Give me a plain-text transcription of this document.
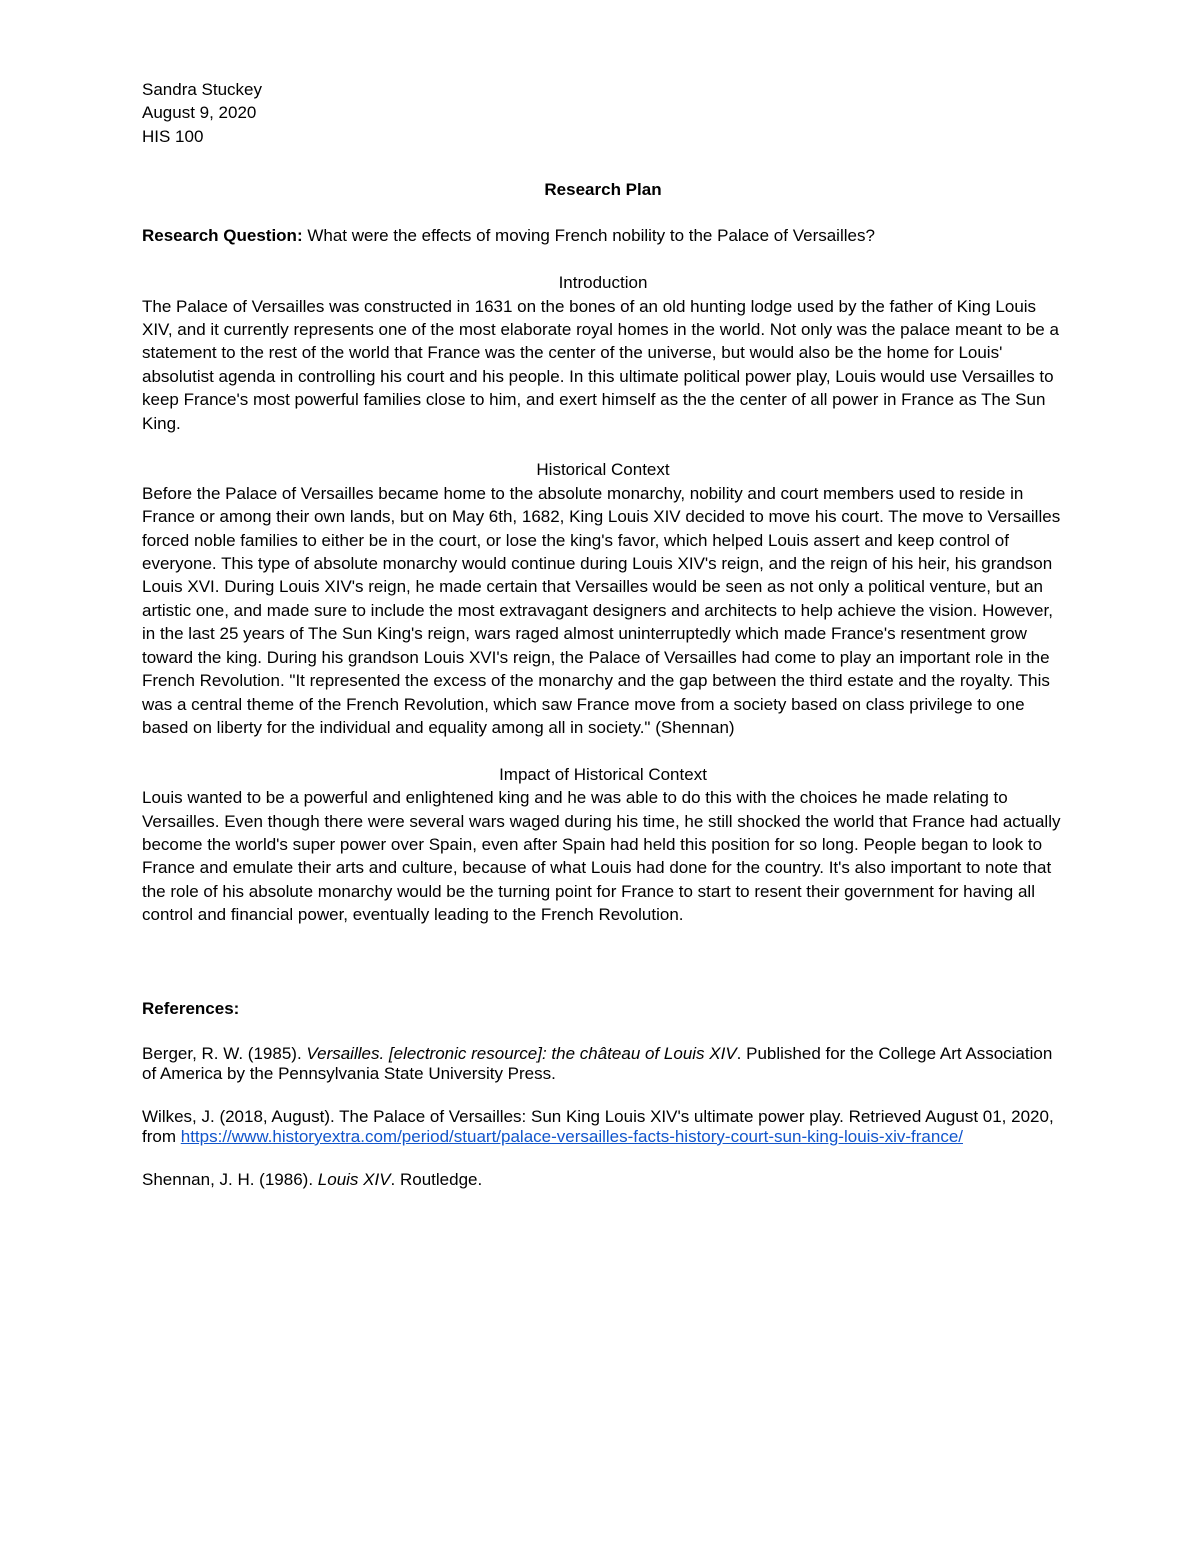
Sandra Stuckey
August 9, 2020
HIS 100
Research Plan
Research Question: What were the effects of moving French nobility to the Palace of Versailles?
Introduction

The Palace of Versailles was constructed in 1631 on the bones of an old hunting lodge used by the father of King Louis XIV, and it currently represents one of the most elaborate royal homes in the world. Not only was the palace meant to be a statement to the rest of the world that France was the center of the universe, but would also be the home for Louis' absolutist agenda in controlling his court and his people. In this ultimate political power play, Louis would use Versailles to keep France's most powerful families close to him, and exert himself as the the center of all power in France as The Sun King.

Historical Context

Before the Palace of Versailles became home to the absolute monarchy, nobility and court members used to reside in France or among their own lands, but on May 6th, 1682, King Louis XIV decided to move his court. The move to Versailles forced noble families to either be in the court, or lose the king's favor, which helped Louis assert and keep control of everyone. This type of absolute monarchy would continue during Louis XIV's reign, and the reign of his heir, his grandson Louis XVI. During Louis XIV's reign, he made certain that Versailles would be seen as not only a political venture, but an artistic one, and made sure to include the most extravagant designers and architects to help achieve the vision. However, in the last 25 years of The Sun King's reign, wars raged almost uninterruptedly which made France's resentment grow toward the king. During his grandson Louis XVI's reign, the Palace of Versailles had come to play an important role in the French Revolution. "It represented the excess of the monarchy and the gap between the third estate and the royalty. This was a central theme of the French Revolution, which saw France move from a society based on class privilege to one based on liberty for the individual and equality among all in society." (Shennan)

Impact of Historical Context

Louis wanted to be a powerful and enlightened king and he was able to do this with the choices he made relating to Versailles. Even though there were several wars waged during his time, he still shocked the world that France had actually become the world's super power over Spain, even after Spain had held this position for so long. People began to look to France and emulate their arts and culture, because of what Louis had done for the country. It's also important to note that the role of his absolute monarchy would be the turning point for France to start to resent their government for having all control and financial power, eventually leading to the French Revolution.

References:

Berger, R. W. (1985). Versailles. [electronic resource]: the château of Louis XIV. Published for the College Art Association of America by the Pennsylvania State University Press.

Wilkes, J. (2018, August). The Palace of Versailles: Sun King Louis XIV's ultimate power play. Retrieved August 01, 2020, from https://www.historyextra.com/period/stuart/palace-versailles-facts-history-court-sun-king-louis-xiv-france/

Shennan, J. H. (1986). Louis XIV. Routledge.
